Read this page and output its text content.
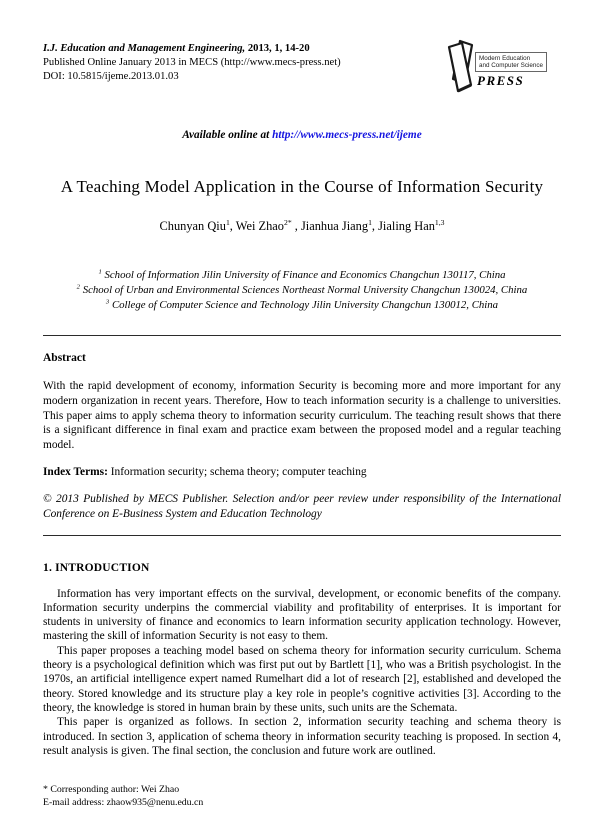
I.J. Education and Management Engineering, 2013, 1, 14-20
Published Online January 2013 in MECS (http://www.mecs-press.net)
DOI: 10.5815/ijeme.2013.01.03
Modern Education
and Computer Science
PRESS
Available online at http://www.mecs-press.net/ijeme
A Teaching Model Application in the Course of Information Security
Chunyan Qiu$^1$, Wei Zhao$^{2*}$ , Jianhua Jiang$^1$, Jialing Han$^{1,3}$
$^1$ School of Information Jilin University of Finance and Economics Changchun 130117, China
$^2$ School of Urban and Environmental Sciences Northeast Normal University Changchun 130024, China
$^3$ College of Computer Science and Technology Jilin University Changchun 130012, China
Abstract

With the rapid development of economy, information Security is becoming more and more important for any modern organization in recent years. Therefore, How to teach information security is a challenge to universities. This paper aims to apply schema theory to information security curriculum. The teaching result shows that there is a significant difference in final exam and practice exam between the proposed model and a regular teaching model.

Index Terms: Information security; schema theory; computer teaching

© 2013 Published by MECS Publisher. Selection and/or peer review under responsibility of the International Conference on E-Business System and Education Technology

1. INTRODUCTION

Information has very important effects on the survival, development, or economic benefits of the company. Information security underpins the commercial viability and profitability of enterprises. It is important for students in university of finance and economics to learn information security application technology. However, mastering the skill of information Security is not easy to them.

This paper proposes a teaching model based on schema theory for information security curriculum. Schema theory is a psychological definition which was first put out by Bartlett [1], who was a British psychologist. In the 1970s, an artificial intelligence expert named Rumelhart did a lot of research [2], established and developed the theory. Stored knowledge and its structure play a key role in people’s cognitive activities [3]. According to the theory, the knowledge is stored in human brain by these units, such units are the Schemata.

This paper is organized as follows. In section 2, information security teaching and schema theory is introduced. In section 3, application of schema theory in information security teaching is proposed. In section 4, result analysis is given. The final section, the conclusion and future work are outlined.

* Corresponding author: Wei Zhao
E-mail address: zhaow935@nenu.edu.cn
